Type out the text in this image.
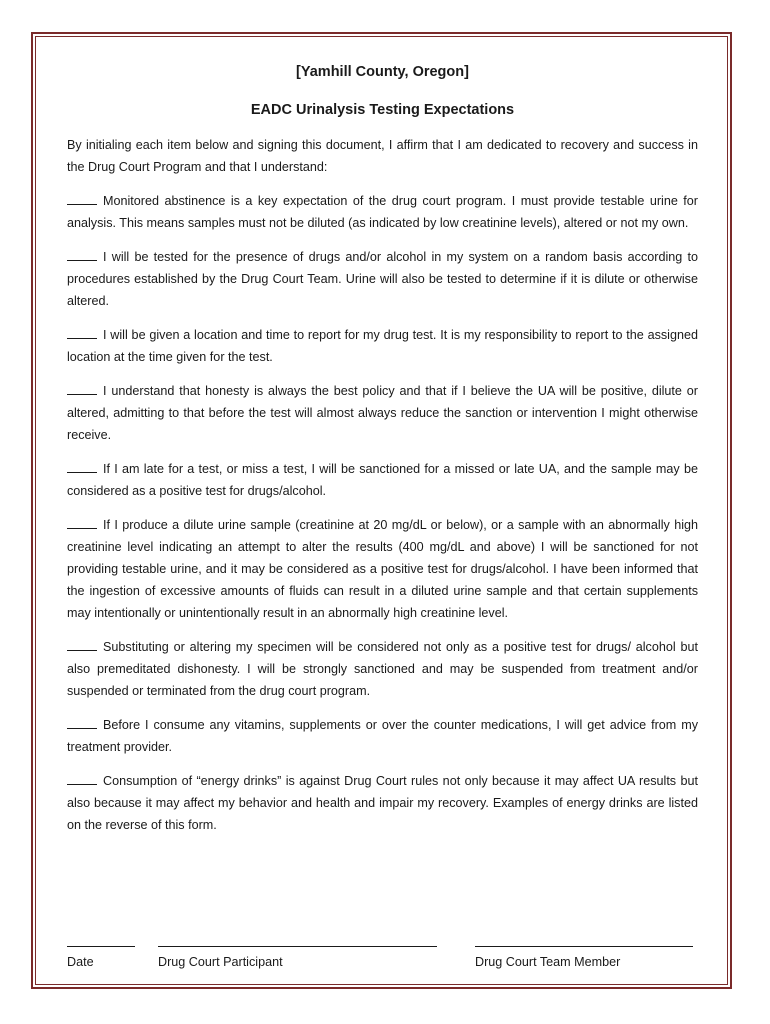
[Yamhill County, Oregon]
EADC Urinalysis Testing Expectations

By initialing each item below and signing this document, I affirm that I am dedicated to recovery and success in the Drug Court Program and that I understand:

Monitored abstinence is a key expectation of the drug court program. I must provide testable urine for analysis. This means samples must not be diluted (as indicated by low creatinine levels), altered or not my own.

I will be tested for the presence of drugs and/or alcohol in my system on a random basis according to procedures established by the Drug Court Team. Urine will also be tested to determine if it is dilute or otherwise altered.

I will be given a location and time to report for my drug test. It is my responsibility to report to the assigned location at the time given for the test.

I understand that honesty is always the best policy and that if I believe the UA will be positive, dilute or altered, admitting to that before the test will almost always reduce the sanction or intervention I might otherwise receive.

If I am late for a test, or miss a test, I will be sanctioned for a missed or late UA, and the sample may be considered as a positive test for drugs/alcohol.

If I produce a dilute urine sample (creatinine at 20 mg/dL or below), or a sample with an abnormally high creatinine level indicating an attempt to alter the results (400 mg/dL and above) I will be sanctioned for not providing testable urine, and it may be considered as a positive test for drugs/alcohol. I have been informed that the ingestion of excessive amounts of fluids can result in a diluted urine sample and that certain supplements may intentionally or unintentionally result in an abnormally high creatinine level.

Substituting or altering my specimen will be considered not only as a positive test for drugs/ alcohol but also premeditated dishonesty. I will be strongly sanctioned and may be suspended from treatment and/or suspended or terminated from the drug court program.

Before I consume any vitamins, supplements or over the counter medications, I will get advice from my treatment provider.

Consumption of “energy drinks” is against Drug Court rules not only because it may affect UA results but also because it may affect my behavior and health and impair my recovery. Examples of energy drinks are listed on the reverse of this form.

Date	Drug Court Participant	Drug Court Team Member
